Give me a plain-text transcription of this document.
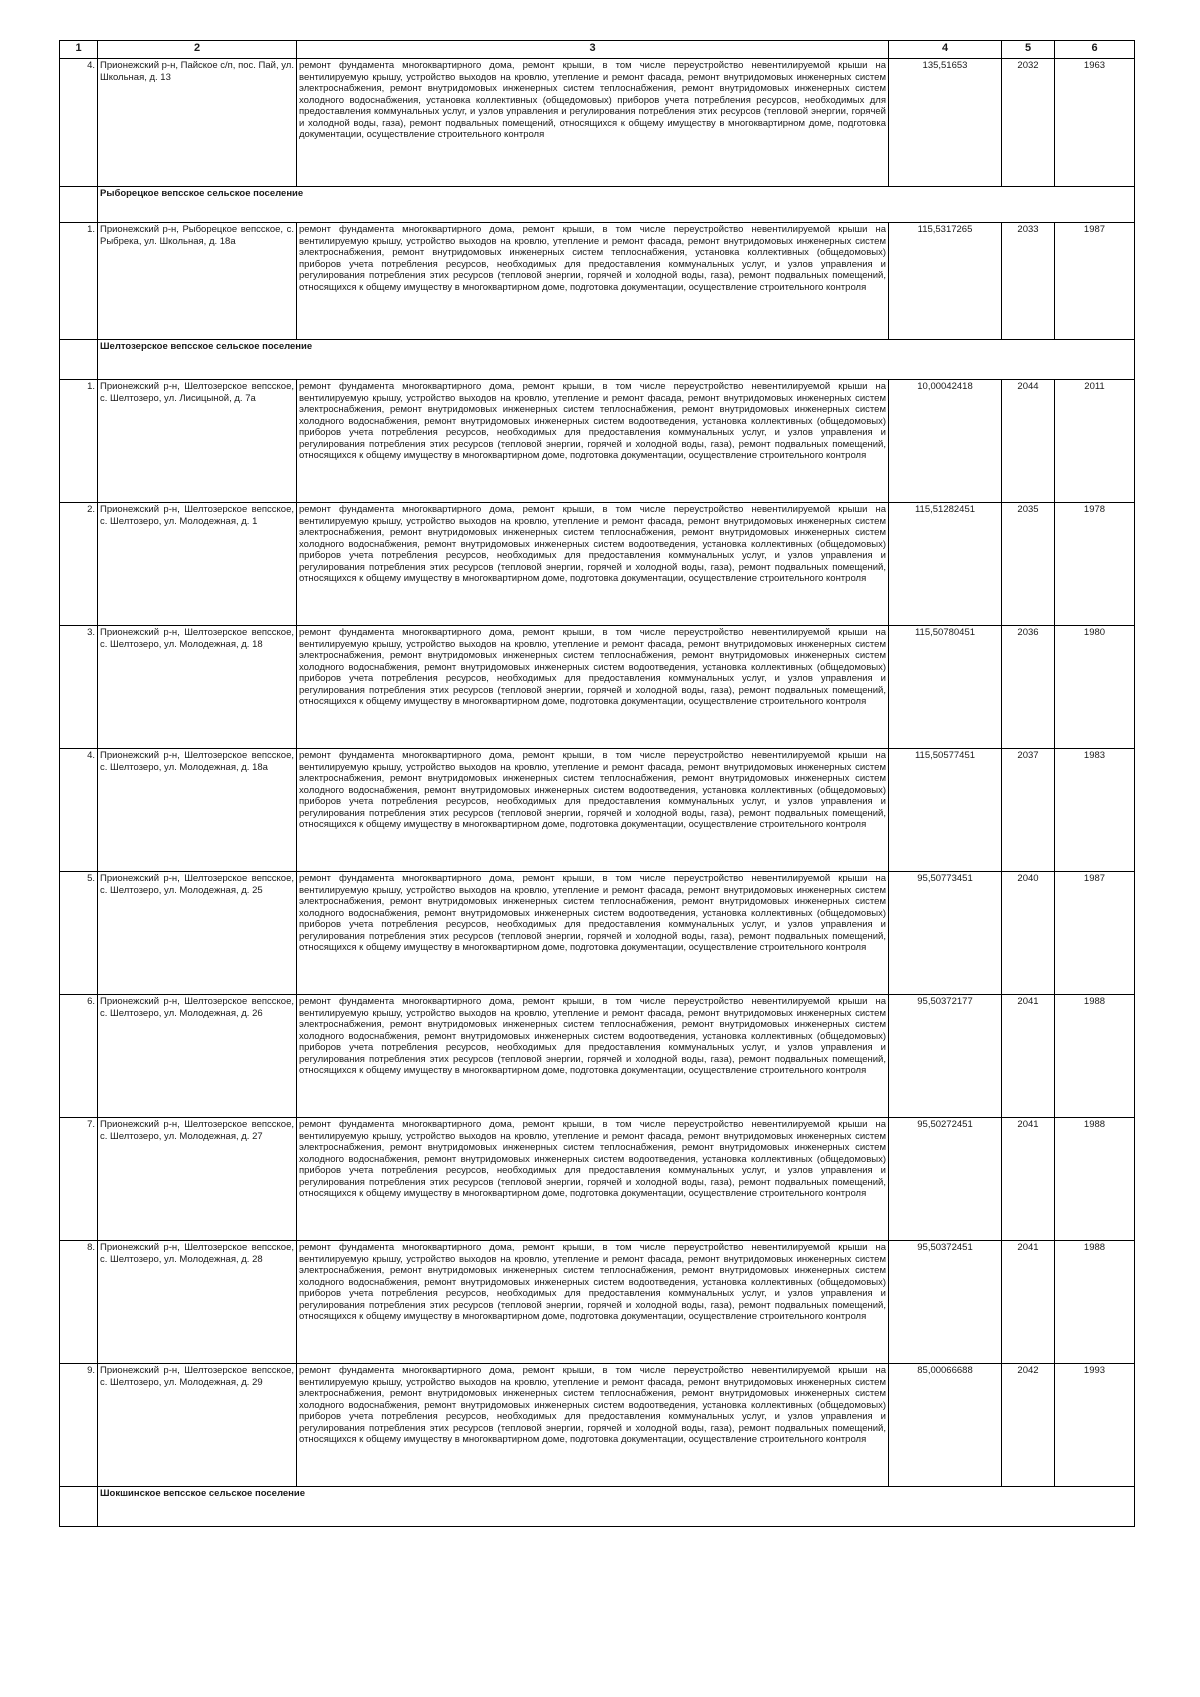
1	2	3	4	5	6
4.	Прионежский р-н, Пайское с/п, пос. Пай, ул. Школьная, д. 13	ремонт фундамента многоквартирного дома, ремонт крыши, в том числе переустройство невентилируемой крыши на вентилируемую крышу, устройство выходов на кровлю, утепление и ремонт фасада, ремонт внутридомовых инженерных систем электроснабжения, ремонт внутридомовых инженерных систем теплоснабжения, ремонт внутридомовых инженерных систем холодного водоснабжения, установка коллективных (общедомовых) приборов учета потребления ресурсов, необходимых для предоставления коммунальных услуг, и узлов управления и регулирования потребления этих ресурсов (тепловой энергии, горячей и холодной воды, газа), ремонт подвальных помещений, относящихся к общему имуществу в многоквартирном доме, подготовка документации, осуществление строительного контроля	135,51653	2032	1963
	Рыборецкое вепсское сельское поселение				
1.	Прионежский р-н, Рыборецкое вепсское, с. Рыбрека, ул. Школьная, д. 18а	ремонт фундамента многоквартирного дома, ремонт крыши, в том числе переустройство невентилируемой крыши на вентилируемую крышу, устройство выходов на кровлю, утепление и ремонт фасада, ремонт внутридомовых инженерных систем электроснабжения, ремонт внутридомовых инженерных систем теплоснабжения, установка коллективных (общедомовых) приборов учета потребления ресурсов, необходимых для предоставления коммунальных услуг, и узлов управления и регулирования потребления этих ресурсов (тепловой энергии, горячей и холодной воды, газа), ремонт подвальных помещений, относящихся к общему имуществу в многоквартирном доме, подготовка документации, осуществление строительного контроля	115,5317265	2033	1987
	Шелтозерское вепсское сельское поселение				
1.	Прионежский р-н, Шелтозерское вепсское, с. Шелтозеро, ул. Лисицыной, д. 7а	ремонт фундамента многоквартирного дома, ремонт крыши, в том числе переустройство невентилируемой крыши на вентилируемую крышу, устройство выходов на кровлю, утепление и ремонт фасада, ремонт внутридомовых инженерных систем электроснабжения, ремонт внутридомовых инженерных систем теплоснабжения, ремонт внутридомовых инженерных систем холодного водоснабжения, ремонт внутридомовых инженерных систем водоотведения, установка коллективных (общедомовых) приборов учета потребления ресурсов, необходимых для предоставления коммунальных услуг, и узлов управления и регулирования потребления этих ресурсов (тепловой энергии, горячей и холодной воды, газа), ремонт подвальных помещений, относящихся к общему имуществу в многоквартирном доме, подготовка документации, осуществление строительного контроля	10,00042418	2044	2011
2.	Прионежский р-н, Шелтозерское вепсское, с. Шелтозеро, ул. Молодежная, д. 1	ремонт фундамента многоквартирного дома, ремонт крыши, в том числе переустройство невентилируемой крыши на вентилируемую крышу, устройство выходов на кровлю, утепление и ремонт фасада, ремонт внутридомовых инженерных систем электроснабжения, ремонт внутридомовых инженерных систем теплоснабжения, ремонт внутридомовых инженерных систем холодного водоснабжения, ремонт внутридомовых инженерных систем водоотведения, установка коллективных (общедомовых) приборов учета потребления ресурсов, необходимых для предоставления коммунальных услуг, и узлов управления и регулирования потребления этих ресурсов (тепловой энергии, горячей и холодной воды, газа), ремонт подвальных помещений, относящихся к общему имуществу в многоквартирном доме, подготовка документации, осуществление строительного контроля	115,51282451	2035	1978
3.	Прионежский р-н, Шелтозерское вепсское, с. Шелтозеро, ул. Молодежная, д. 18	ремонт фундамента многоквартирного дома, ремонт крыши, в том числе переустройство невентилируемой крыши на вентилируемую крышу, устройство выходов на кровлю, утепление и ремонт фасада, ремонт внутридомовых инженерных систем электроснабжения, ремонт внутридомовых инженерных систем теплоснабжения, ремонт внутридомовых инженерных систем холодного водоснабжения, ремонт внутридомовых инженерных систем водоотведения, установка коллективных (общедомовых) приборов учета потребления ресурсов, необходимых для предоставления коммунальных услуг, и узлов управления и регулирования потребления этих ресурсов (тепловой энергии, горячей и холодной воды, газа), ремонт подвальных помещений, относящихся к общему имуществу в многоквартирном доме, подготовка документации, осуществление строительного контроля	115,50780451	2036	1980
4.	Прионежский р-н, Шелтозерское вепсское, с. Шелтозеро, ул. Молодежная, д. 18а	ремонт фундамента многоквартирного дома, ремонт крыши, в том числе переустройство невентилируемой крыши на вентилируемую крышу, устройство выходов на кровлю, утепление и ремонт фасада, ремонт внутридомовых инженерных систем электроснабжения, ремонт внутридомовых инженерных систем теплоснабжения, ремонт внутридомовых инженерных систем холодного водоснабжения, ремонт внутридомовых инженерных систем водоотведения, установка коллективных (общедомовых) приборов учета потребления ресурсов, необходимых для предоставления коммунальных услуг, и узлов управления и регулирования потребления этих ресурсов (тепловой энергии, горячей и холодной воды, газа), ремонт подвальных помещений, относящихся к общему имуществу в многоквартирном доме, подготовка документации, осуществление строительного контроля	115,50577451	2037	1983
5.	Прионежский р-н, Шелтозерское вепсское, с. Шелтозеро, ул. Молодежная, д. 25	ремонт фундамента многоквартирного дома, ремонт крыши, в том числе переустройство невентилируемой крыши на вентилируемую крышу, устройство выходов на кровлю, утепление и ремонт фасада, ремонт внутридомовых инженерных систем электроснабжения, ремонт внутридомовых инженерных систем теплоснабжения, ремонт внутридомовых инженерных систем холодного водоснабжения, ремонт внутридомовых инженерных систем водоотведения, установка коллективных (общедомовых) приборов учета потребления ресурсов, необходимых для предоставления коммунальных услуг, и узлов управления и регулирования потребления этих ресурсов (тепловой энергии, горячей и холодной воды, газа), ремонт подвальных помещений, относящихся к общему имуществу в многоквартирном доме, подготовка документации, осуществление строительного контроля	95,50773451	2040	1987
6.	Прионежский р-н, Шелтозерское вепсское, с. Шелтозеро, ул. Молодежная, д. 26	ремонт фундамента многоквартирного дома, ремонт крыши, в том числе переустройство невентилируемой крыши на вентилируемую крышу, устройство выходов на кровлю, утепление и ремонт фасада, ремонт внутридомовых инженерных систем электроснабжения, ремонт внутридомовых инженерных систем теплоснабжения, ремонт внутридомовых инженерных систем холодного водоснабжения, ремонт внутридомовых инженерных систем водоотведения, установка коллективных (общедомовых) приборов учета потребления ресурсов, необходимых для предоставления коммунальных услуг, и узлов управления и регулирования потребления этих ресурсов (тепловой энергии, горячей и холодной воды, газа), ремонт подвальных помещений, относящихся к общему имуществу в многоквартирном доме, подготовка документации, осуществление строительного контроля	95,50372177	2041	1988
7.	Прионежский р-н, Шелтозерское вепсское, с. Шелтозеро, ул. Молодежная, д. 27	ремонт фундамента многоквартирного дома, ремонт крыши, в том числе переустройство невентилируемой крыши на вентилируемую крышу, устройство выходов на кровлю, утепление и ремонт фасада, ремонт внутридомовых инженерных систем электроснабжения, ремонт внутридомовых инженерных систем теплоснабжения, ремонт внутридомовых инженерных систем холодного водоснабжения, ремонт внутридомовых инженерных систем водоотведения, установка коллективных (общедомовых) приборов учета потребления ресурсов, необходимых для предоставления коммунальных услуг, и узлов управления и регулирования потребления этих ресурсов (тепловой энергии, горячей и холодной воды, газа), ремонт подвальных помещений, относящихся к общему имуществу в многоквартирном доме, подготовка документации, осуществление строительного контроля	95,50272451	2041	1988
8.	Прионежский р-н, Шелтозерское вепсское, с. Шелтозеро, ул. Молодежная, д. 28	ремонт фундамента многоквартирного дома, ремонт крыши, в том числе переустройство невентилируемой крыши на вентилируемую крышу, устройство выходов на кровлю, утепление и ремонт фасада, ремонт внутридомовых инженерных систем электроснабжения, ремонт внутридомовых инженерных систем теплоснабжения, ремонт внутридомовых инженерных систем холодного водоснабжения, ремонт внутридомовых инженерных систем водоотведения, установка коллективных (общедомовых) приборов учета потребления ресурсов, необходимых для предоставления коммунальных услуг, и узлов управления и регулирования потребления этих ресурсов (тепловой энергии, горячей и холодной воды, газа), ремонт подвальных помещений, относящихся к общему имуществу в многоквартирном доме, подготовка документации, осуществление строительного контроля	95,50372451	2041	1988
9.	Прионежский р-н, Шелтозерское вепсское, с. Шелтозеро, ул. Молодежная, д. 29	ремонт фундамента многоквартирного дома, ремонт крыши, в том числе переустройство невентилируемой крыши на вентилируемую крышу, устройство выходов на кровлю, утепление и ремонт фасада, ремонт внутридомовых инженерных систем электроснабжения, ремонт внутридомовых инженерных систем теплоснабжения, ремонт внутридомовых инженерных систем холодного водоснабжения, ремонт внутридомовых инженерных систем водоотведения, установка коллективных (общедомовых) приборов учета потребления ресурсов, необходимых для предоставления коммунальных услуг, и узлов управления и регулирования потребления этих ресурсов (тепловой энергии, горячей и холодной воды, газа), ремонт подвальных помещений, относящихся к общему имуществу в многоквартирном доме, подготовка документации, осуществление строительного контроля	85,00066688	2042	1993
	Шокшинское вепсское сельское поселение				
